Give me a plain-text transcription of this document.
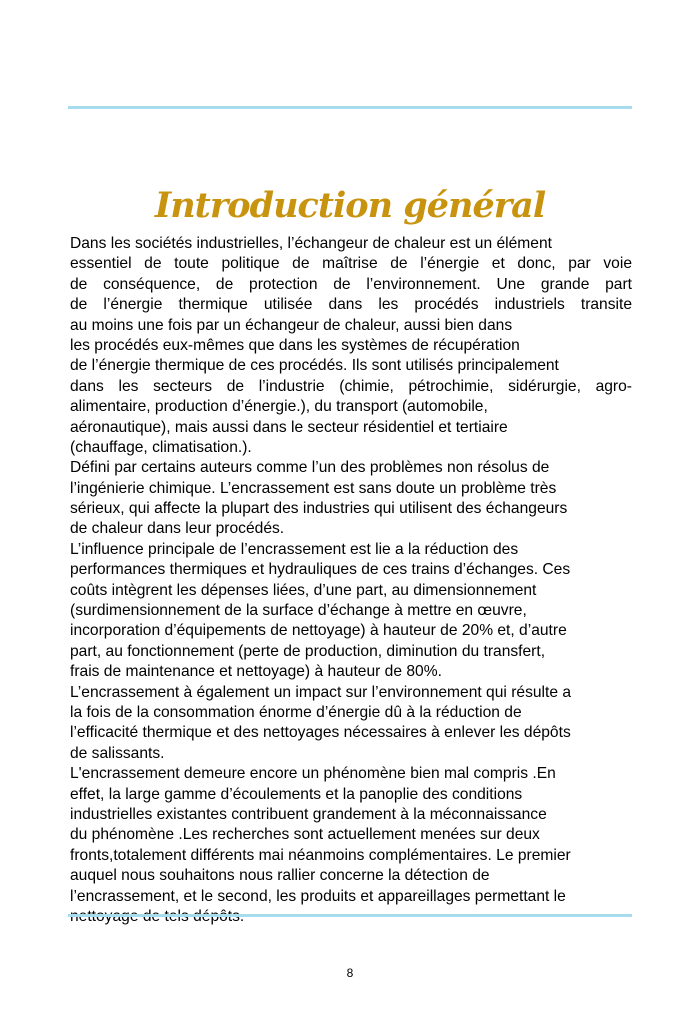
Introduction général
Dans les sociétés industrielles, l’échangeur de chaleur est un élément
essentiel de toute politique de maîtrise de l’énergie et donc, par voie
de conséquence, de protection de l’environnement. Une grande part
de l’énergie thermique utilisée dans les procédés industriels transite
au moins une fois par un échangeur de chaleur, aussi bien dans
les procédés eux-mêmes que dans les systèmes de récupération
de l’énergie thermique de ces procédés. Ils sont utilisés principalement
dans les secteurs de l’industrie (chimie, pétrochimie, sidérurgie, agro-
alimentaire, production d’énergie.), du transport (automobile,
aéronautique), mais aussi dans le secteur résidentiel et tertiaire
(chauffage, climatisation.).
Défini par certains auteurs comme l’un des problèmes non résolus de
l’ingénierie chimique. L’encrassement est sans doute un problème très
sérieux, qui affecte la plupart des industries qui utilisent des échangeurs
de chaleur dans leur procédés.
L’influence principale de l’encrassement est lie a la réduction des
performances thermiques et hydrauliques de ces trains d’échanges. Ces
coûts intègrent les dépenses liées, d’une part, au dimensionnement
(surdimensionnement de la surface d’échange à mettre en œuvre,
incorporation d’équipements de nettoyage) à hauteur de 20% et, d’autre
part, au fonctionnement (perte de production, diminution du transfert,
frais de maintenance et nettoyage) à hauteur de 80%.
L’encrassement à également un impact sur l’environnement qui résulte a
la fois de la consommation énorme d’énergie dû à la réduction de
l’efficacité thermique et des nettoyages nécessaires à enlever les dépôts
de salissants.
L'encrassement demeure encore un phénomène bien mal compris .En
effet, la large gamme d’écoulements et la panoplie des conditions
industrielles existantes contribuent grandement à la méconnaissance
du phénomène .Les recherches sont actuellement menées sur deux
fronts,totalement différents mai néanmoins complémentaires. Le premier
auquel nous souhaitons nous rallier concerne la détection de
l’encrassement, et le second, les produits et appareillages permettant le
8
